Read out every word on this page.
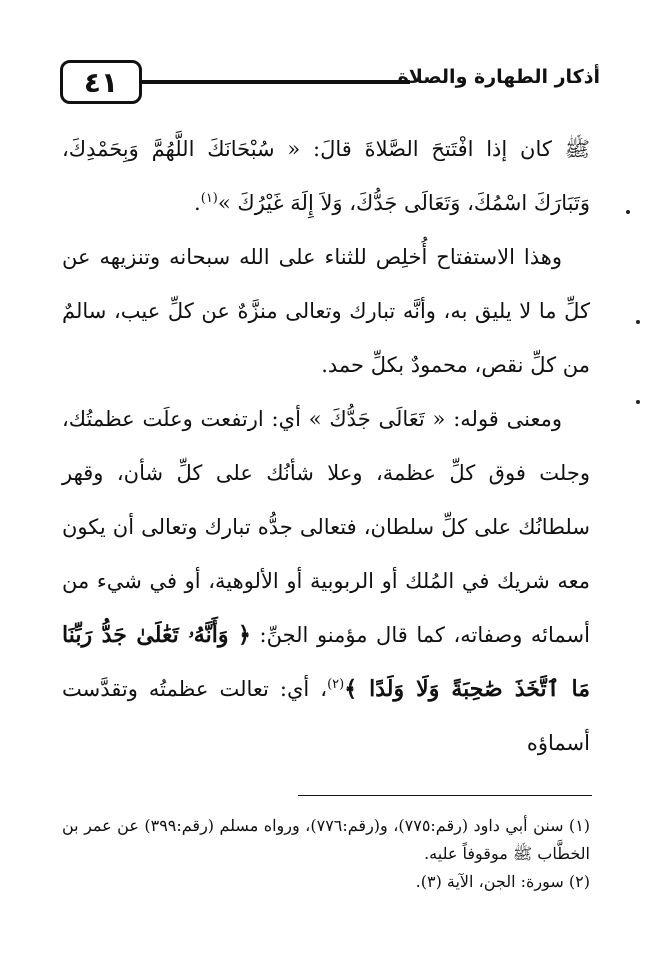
٤١	أذكار الطهارة والصلاة

ﷺ كان إذا افْتَتحَ الصَّلاةَ قالَ: « سُبْحَانَكَ اللَّهُمَّ وَبِحَمْدِكَ، وَتَبَارَكَ اسْمُكَ، وَتَعَالَى جَدُّكَ، وَلاَ إِلَهَ غَيْرُكَ »$^{(١)}$.

وهذا الاستفتاح أُخلِص للثناء على الله سبحانه وتنزيهه عن كلِّ ما لا يليق به، وأنَّه تبارك وتعالى منزَّهٌ عن كلِّ عيب، سالمٌ من كلِّ نقص، محمودٌ بكلِّ حمد.

ومعنى قوله: « تَعَالَى جَدُّكَ » أي: ارتفعت وعلَت عظمتُك، وجلت فوق كلِّ عظمة، وعلا شأنُك على كلِّ شأن، وقهر سلطانُك على كلِّ سلطان، فتعالى جدُّه تبارك وتعالى أن يكون معه شريك في المُلك أو الربوبية أو الألوهية، أو في شيء من أسمائه وصفاته، كما قال مؤمنو الجنِّ: ﴿ وَأَنَّهُۥ تَعَٰلَىٰ جَدُّ رَبِّنَا مَا ٱتَّخَذَ صَٰحِبَةً وَلَا وَلَدًا ﴾$^{(٢)}$، أي: تعالت عظمتُه وتقدَّست أسماؤه

(١) سنن أبي داود (رقم:٧٧٥)، و(رقم:٧٧٦)، ورواه مسلم (رقم:٣٩٩) عن عمر بن الخطَّاب ﷺ موقوفاً عليه.

(٢) سورة: الجن، الآية (٣).
